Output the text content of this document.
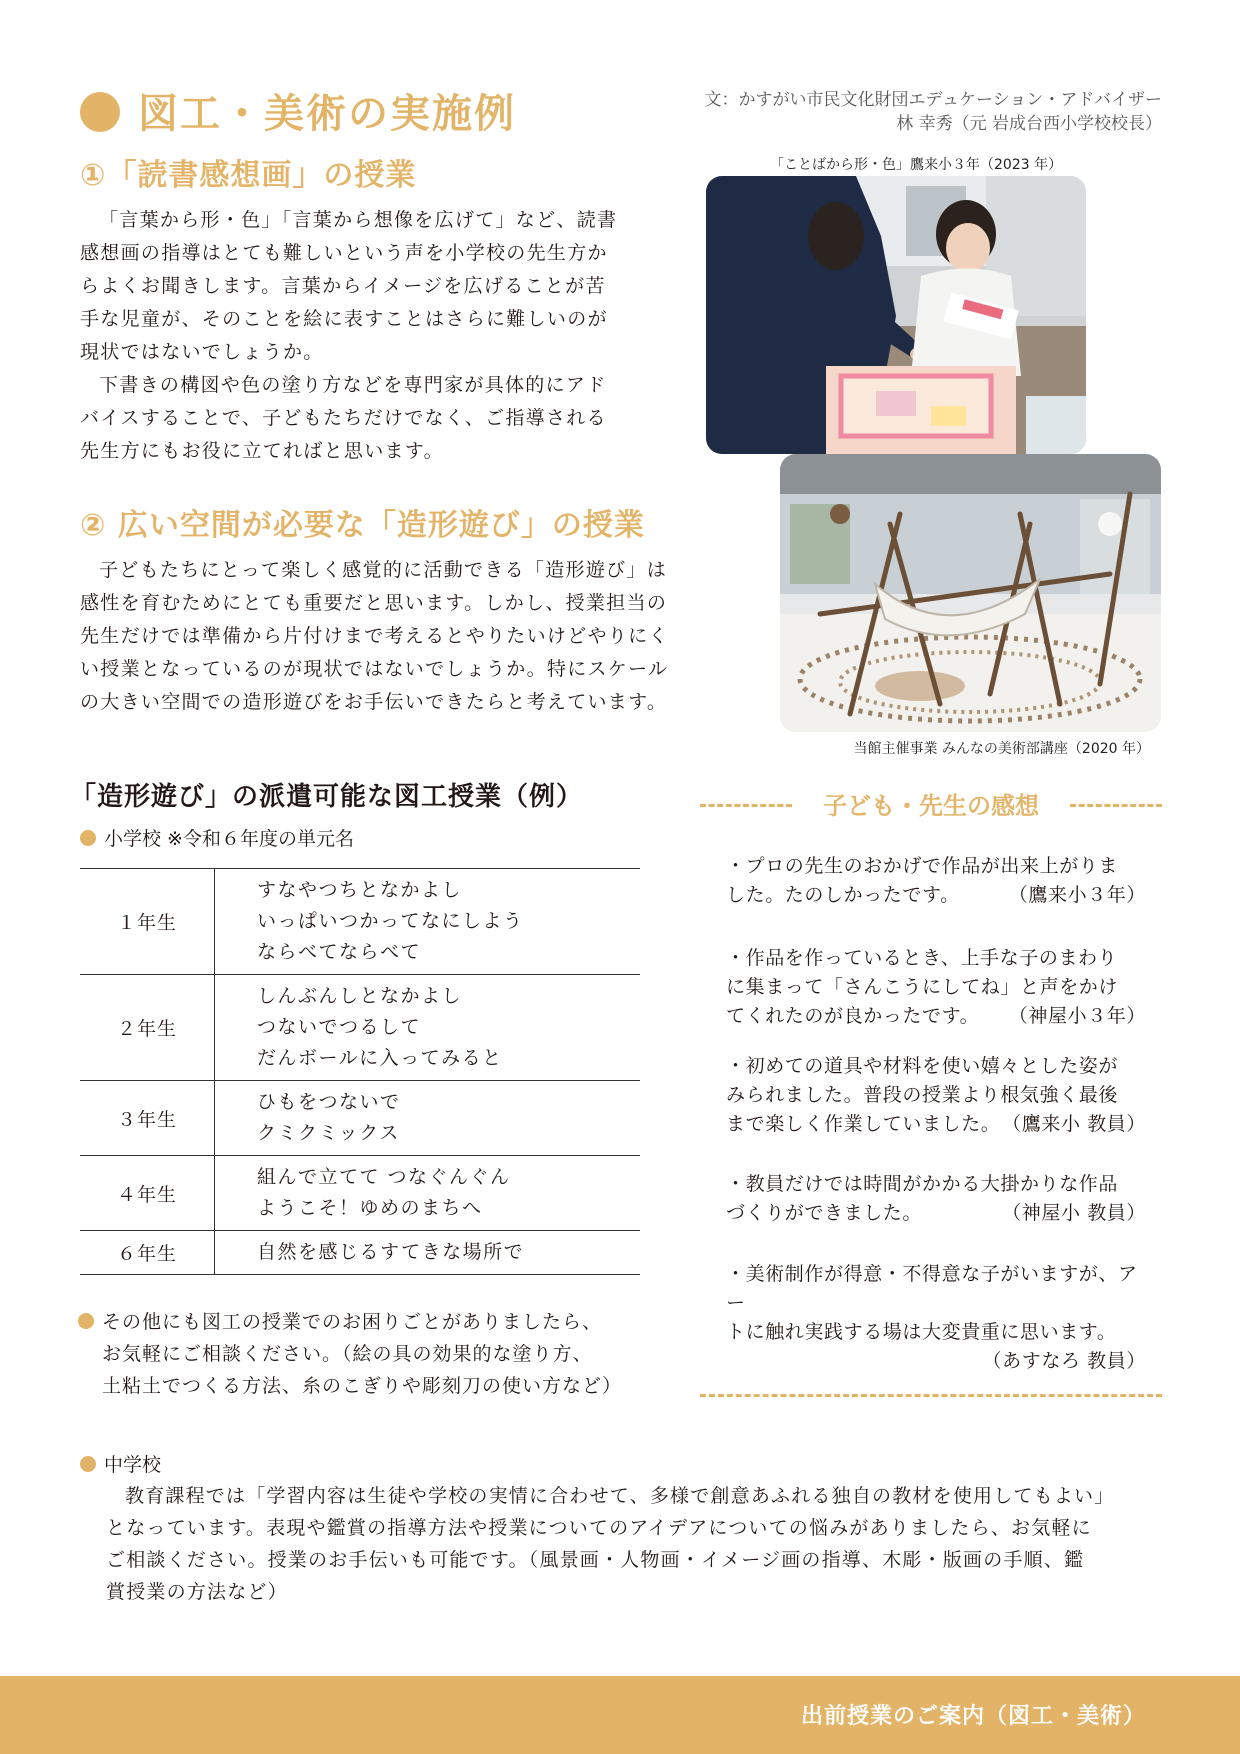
図工・美術の実施例	文：かすがい市民文化財団エデュケーション・アドバイザー
林 幸秀（元 岩成台西小学校校長）
①「読書感想画」の授業

「言葉から形・色」「言葉から想像を広げて」など、読書

感想画の指導はとても難しいという声を小学校の先生方か
らよくお聞きします。言葉からイメージを広げることが苦
手な児童が、そのことを絵に表すことはさらに難しいのが
現状ではないでしょうか。

下書きの構図や色の塗り方などを専門家が具体的にアド

バイスすることで、子どもたちだけでなく、ご指導される
先生方にもお役に立てればと思います。
② 広い空間が必要な「造形遊び」の授業

子どもたちにとって楽しく感覚的に活動できる「造形遊び」は

感性を育むためにとても重要だと思います。しかし、授業担当の
先生だけでは準備から片付けまで考えるとやりたいけどやりにく
い授業となっているのが現状ではないでしょうか。特にスケール
の大きい空間での造形遊びをお手伝いできたらと考えています。
「ことばから形・色」鷹来小３年（2023 年）
当館主催事業 みんなの美術部講座（2020 年）
「造形遊び」の派遣可能な図工授業（例）
小学校 ※令和６年度の単元名
１年生	すなやつちとなかよし
いっぱいつかってなにしよう
ならべてならべて

２年生	しんぶんしとなかよし
つないでつるして
だんボールに入ってみると

３年生	ひもをつないで
クミクミックス

４年生	組んで立てて つなぐんぐん
ようこそ！ゆめのまちへ

６年生	自然を感じるすてきな場所で
その他にも図工の授業でのお困りごとがありましたら、
お気軽にご相談ください。（絵の具の効果的な塗り方、
土粘土でつくる方法、糸のこぎりや彫刻刀の使い方など）
子ども・先生の感想
・プロの先生のおかげで作品が出来上がりま
した。たのしかったです。	（鷹来小３年）
・作品を作っているとき、上手な子のまわり
に集まって「さんこうにしてね」と声をかけ
てくれたのが良かったです。 （神屋小３年）
・初めての道具や材料を使い嬉々とした姿が
みられました。普段の授業より根気強く最後
まで楽しく作業していました。 （鷹来小 教員）
・教員だけでは時間がかかる大掛かりな作品
づくりができました。	（神屋小 教員）
・美術制作が得意・不得意な子がいますが、アー
トに触れ実践する場は大変貴重に思います。
（あすなろ 教員）
中学校

教育課程では「学習内容は生徒や学校の実情に合わせて、多様で創意あふれる独自の教材を使用してもよい」

となっています。表現や鑑賞の指導方法や授業についてのアイデアについての悩みがありましたら、お気軽に
ご相談ください。授業のお手伝いも可能です。（風景画・人物画・イメージ画の指導、木彫・版画の手順、鑑
賞授業の方法など）
出前授業のご案内（図工・美術）
